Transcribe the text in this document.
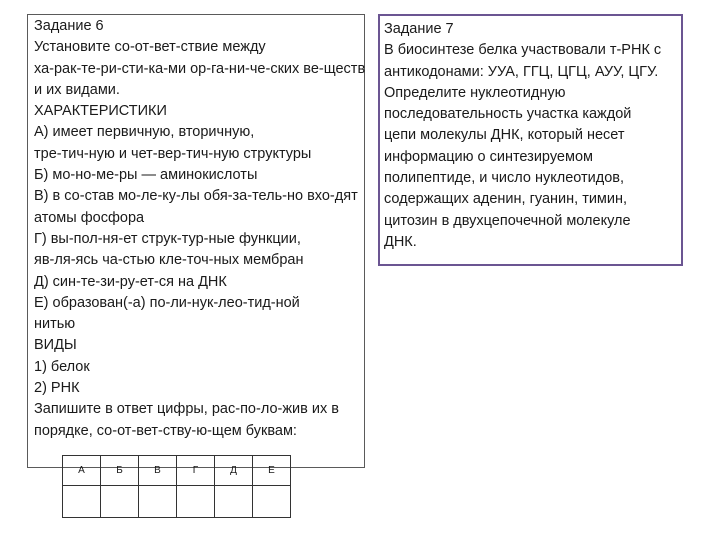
Задание 6
Установите со-от-вет-ствие между
ха-рак-те-ри-сти-ка-ми ор-га-ни-че-ских ве-ществ
и их видами.
ХАРАКТЕРИСТИКИ
А) имеет первичную, вторичную,
тре-тич-ную и чет-вер-тич-ную структуры
Б) мо-но-ме-ры — аминокислоты
В) в со-став мо-ле-ку-лы обя-за-тель-но вхо-дят
атомы фосфора
Г) вы-пол-ня-ет струк-тур-ные функции,
яв-ля-ясь ча-стью кле-точ-ных мембран
Д) син-те-зи-ру-ет-ся на ДНК
Е) образован(-а) по-ли-нук-лео-тид-ной
нитью
ВИДЫ
1) белок
2) РНК
Запишите в ответ цифры, рас-по-ло-жив их в
порядке, со-от-вет-ству-ю-щем буквам:
А	Б	В	Г	Д	Е

Задание 7
В биосинтезе белка участвовали т-РНК с
антикодонами: УУА, ГГЦ, ЦГЦ, АУУ, ЦГУ.
Определите нуклеотидную
последовательность участка каждой
цепи молекулы ДНК, который несет
информацию о синтезируемом
полипептиде, и число нуклеотидов,
содержащих аденин, гуанин, тимин,
цитозин в двухцепочечной молекуле
ДНК.
